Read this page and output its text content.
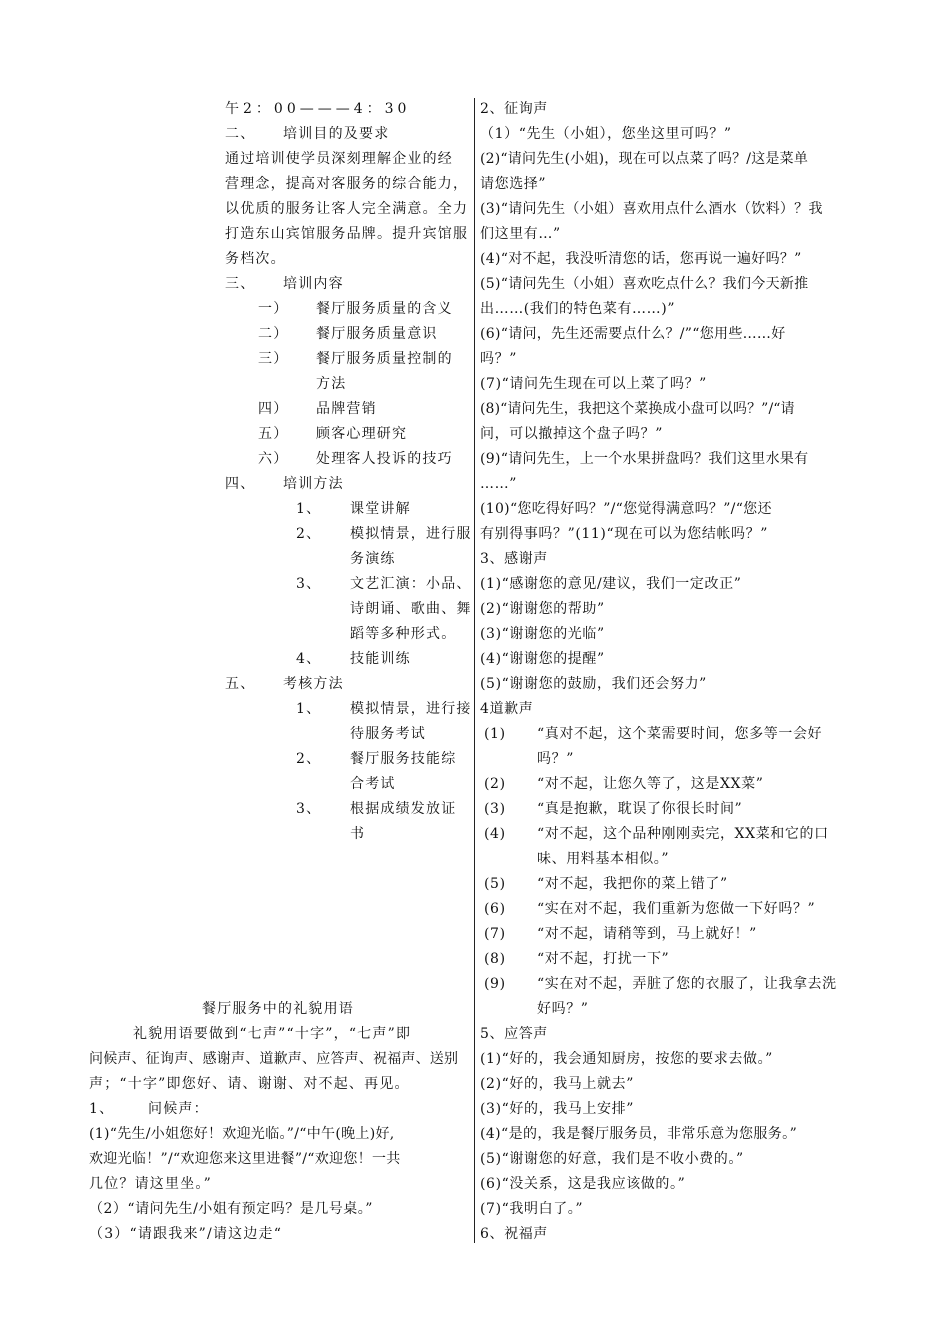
午2：00———4：30
二、 培训目的及要求
通过培训使学员深刻理解企业的经
营理念，提高对客服务的综合能力，
以优质的服务让客人完全满意。全力
打造东山宾馆服务品牌。提升宾馆服
务档次。
三、 培训内容
一） 餐厅服务质量的含义
二） 餐厅服务质量意识
三） 餐厅服务质量控制的
方法
四） 品牌营销
五） 顾客心理研究
六） 处理客人投诉的技巧
四、 培训方法
1、 课堂讲解
2、 模拟情景，进行服
务演练
3、 文艺汇演：小品、
诗朗诵、歌曲、舞
蹈等多种形式。
4、 技能训练
五、 考核方法
1、 模拟情景，进行接
待服务考试
2、 餐厅服务技能综
合考试
3、 根据成绩发放证
书
餐厅服务中的礼貌用语
礼貌用语要做到“七声”“十字”，“七声”即
问候声、征询声、感谢声、道歉声、应答声、祝福声、送别
声；“十字”即您好、请、谢谢、对不起、再见。
1、 问候声：
(1)“先生/小姐您好！欢迎光临。”/“中午(晚上)好,
欢迎光临！”/“欢迎您来这里进餐”/“欢迎您！一共
几位？请这里坐。”
（2）“请问先生/小姐有预定吗？是几号桌。”
（3）“请跟我来”/请这边走“
2、征询声
（1）“先生（小姐），您坐这里可吗？”
(2)“请问先生(小姐)，现在可以点菜了吗？/这是菜单
请您选择”
(3)“请问先生（小姐）喜欢用点什么酒水（饮料）？我
们这里有…”
(4)“对不起，我没听清您的话，您再说一遍好吗？”
(5)“请问先生（小姐）喜欢吃点什么？我们今天新推
出……(我们的特色菜有……)”
(6)“请问，先生还需要点什么？/”“您用些……好
吗？”
(7)“请问先生现在可以上菜了吗？”
(8)“请问先生，我把这个菜换成小盘可以吗？”/“请
问，可以撤掉这个盘子吗？”
(9)“请问先生，上一个水果拼盘吗？我们这里水果有
……”
(10)“您吃得好吗？”/“您觉得满意吗？”/“您还
有别得事吗？”(11)“现在可以为您结帐吗？”
3、感谢声
(1)“感谢您的意见/建议，我们一定改正”
(2)“谢谢您的帮助”
(3)“谢谢您的光临”
(4)“谢谢您的提醒”
(5)“谢谢您的鼓励，我们还会努力”
4道歉声
(1) “真对不起，这个菜需要时间，您多等一会好
吗？”
(2) “对不起，让您久等了，这是XX菜”
(3) “真是抱歉，耽误了你很长时间”
(4) “对不起，这个品种刚刚卖完，XX菜和它的口
味、用料基本相似。”
(5) “对不起，我把你的菜上错了”
(6) “实在对不起，我们重新为您做一下好吗？”
(7) “对不起，请稍等到，马上就好！”
(8) “对不起，打扰一下”
(9) “实在对不起，弄脏了您的衣服了，让我拿去洗
好吗？”
5、应答声
(1)“好的，我会通知厨房，按您的要求去做。”
(2)“好的，我马上就去”
(3)“好的，我马上安排”
(4)“是的，我是餐厅服务员，非常乐意为您服务。”
(5)“谢谢您的好意，我们是不收小费的。”
(6)“没关系，这是我应该做的。”
(7)“我明白了。”
6、祝福声
